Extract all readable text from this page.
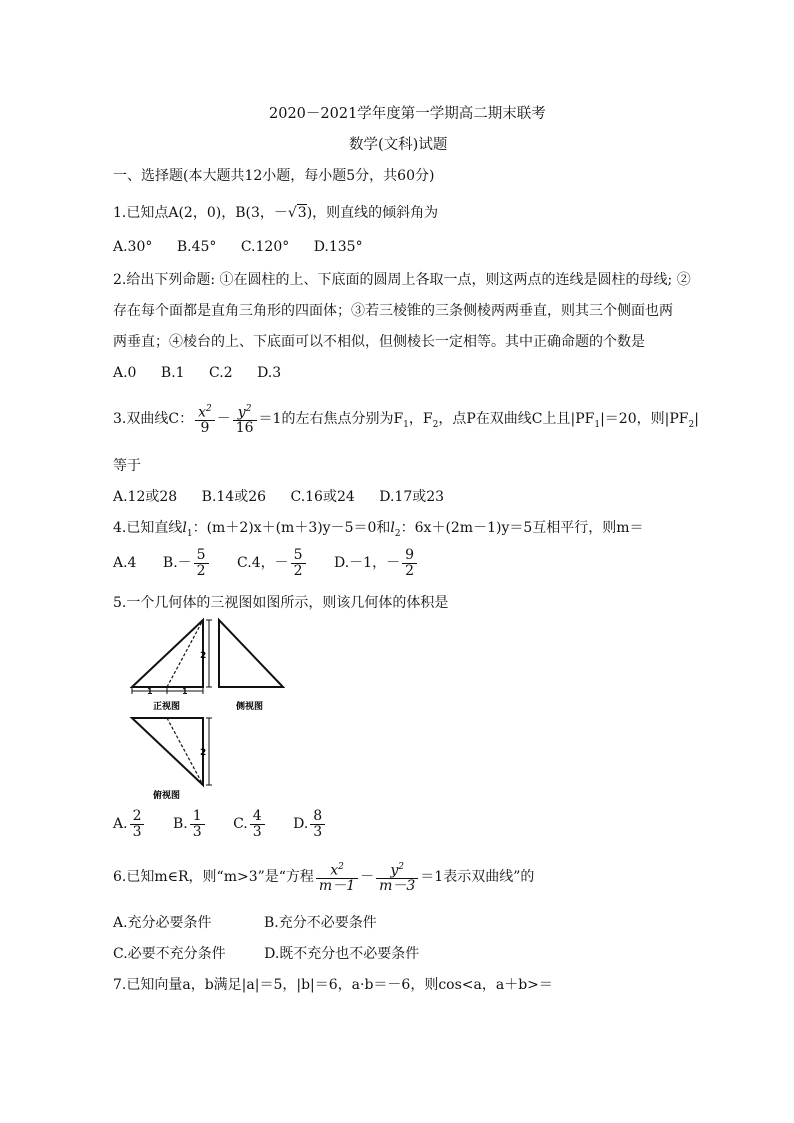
2020－2021学年度第一学期高二期末联考
数学(文科)试题
一、选择题(本大题共12小题，每小题5分，共60分)
1.已知点A(2，0)，B(3，－√3)，则直线的倾斜角为
A.30° B.45° C.120° D.135°
2.给出下列命题: ①在圆柱的上、下底面的圆周上各取一点，则这两点的连线是圆柱的母线; ②
存在每个面都是直角三角形的四面体；③若三棱锥的三条侧棱两两垂直，则其三个侧面也两
两垂直；④棱台的上、下底面可以不相似，但侧棱长一定相等。其中正确命题的个数是
A.0 B.1 C.2 D.3
3.双曲线C： $\frac{x^2}{9} - \frac{y^2}{16} =1$的左右焦点分别为$F_1$，$F_2$，点P在双曲线C上且$|PF_1|=20$，则$|PF_2|$
等于
A.12或28 B.14或26 C.16或24 D.17或23
4.已知直线$l_1$：(m＋2)x＋(m＋3)y－5＝0和$l_2$：6x＋(2m－1)y＝5互相平行，则m＝
A.4 $B.- \frac{5}{2} C.4$，－ $\frac{5}{2} D.-1$，－ $\frac{9}{2}$
5.一个几何体的三视图如图所示，则该几何体的体积是
2
1	1
正视图	侧视图
2
俯视图
A. $\frac{2}{3} B$. $\frac{1}{3} C$. $\frac{4}{3} D$. $\frac{8}{3}$
6.已知m∈R，则“m>3”是“方程 $\frac{x^2}{m-1} - \frac{y^2}{m-3} =1$表示双曲线”的
A.充分必要条件	B.充分不必要条件
C.必要不充分条件	D.既不充分也不必要条件
7.已知向量a，b满足|a|＝5，|b|＝6，a·b＝－6，则cos<a，a＋b>＝
